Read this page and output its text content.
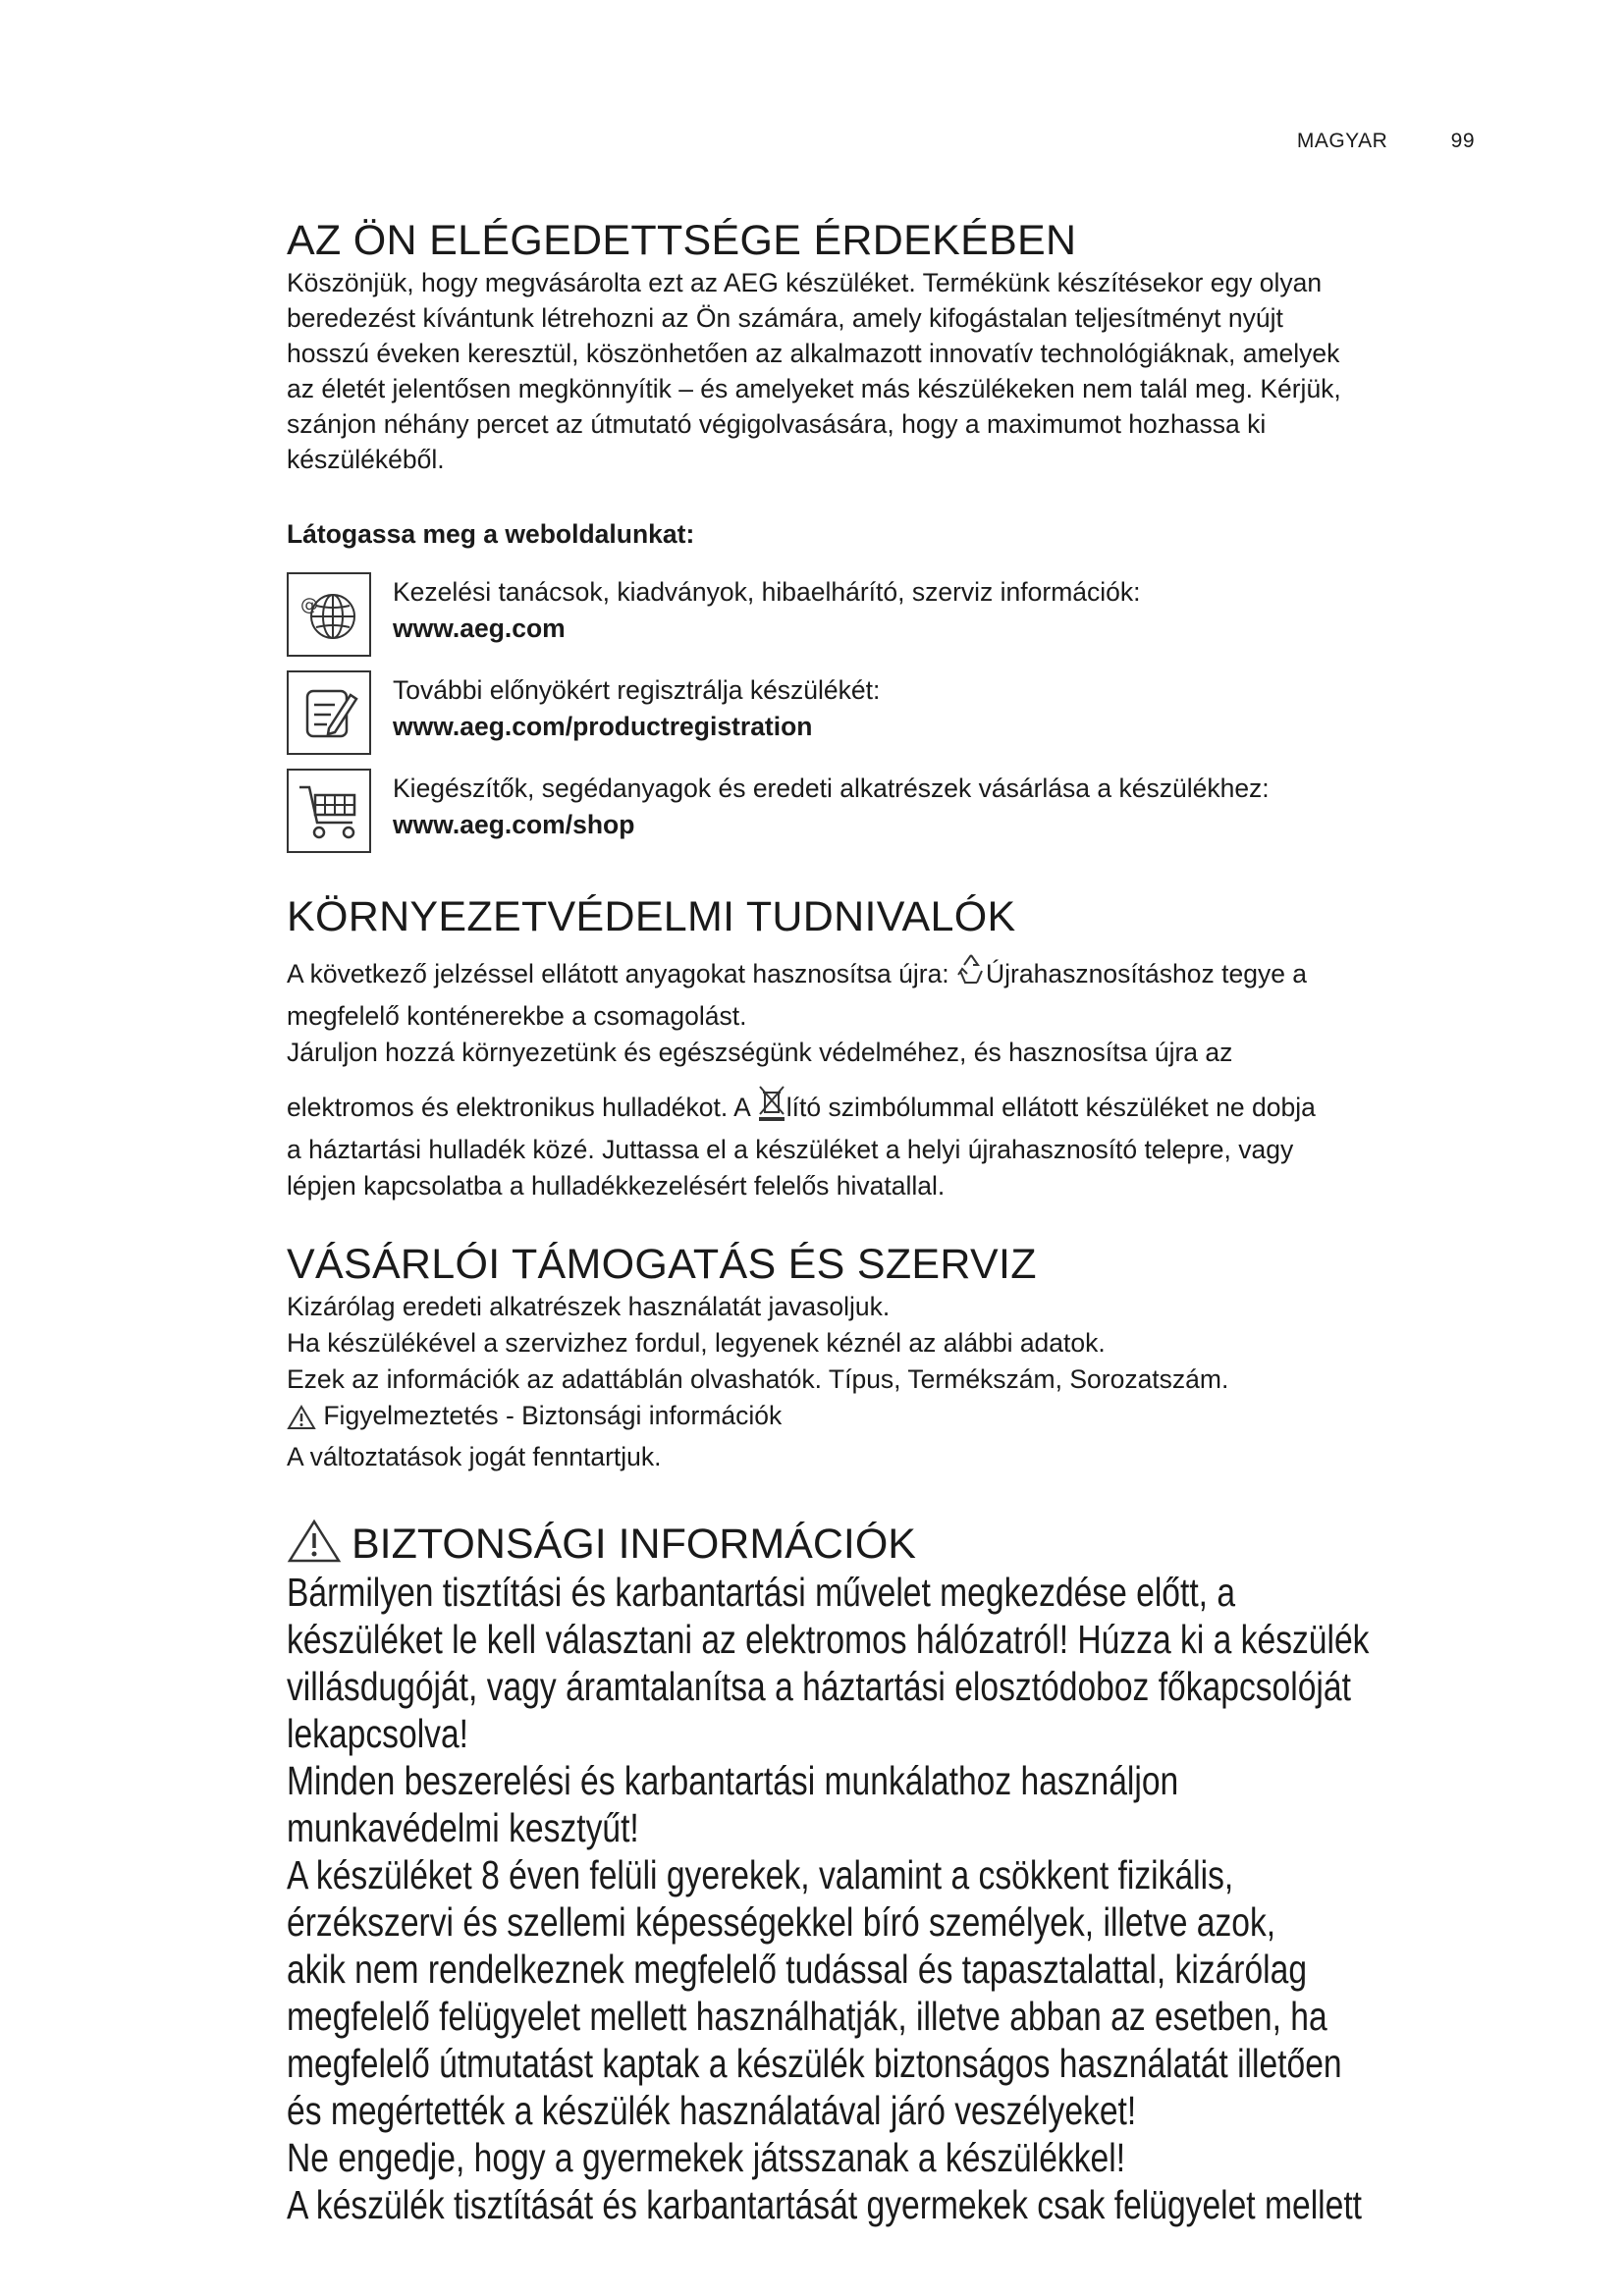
MAGYAR	99
AZ ÖN ELÉGEDETTSÉGE ÉRDEKÉBEN
Köszönjük, hogy megvásárolta ezt az AEG készüléket. Termékünk készítésekor egy olyan
beredezést kívántunk létrehozni az Ön számára, amely kifogástalan teljesítményt nyújt
hosszú éveken keresztül, köszönhetően az alkalmazott innovatív technológiáknak, amelyek
az életét jelentősen megkönnyítik – és amelyeket más készülékeken nem talál meg. Kérjük,
szánjon néhány percet az útmutató végigolvasására, hogy a maximumot hozhassa ki
készülékéből.
Látogassa meg a weboldalunkat:
@	Kezelési tanácsok, kiadványok, hibaelhárító, szerviz információk:
www.aeg.com
További előnyökért regisztrálja készülékét:
www.aeg.com/productregistration
Kiegészítők, segédanyagok és eredeti alkatrészek vásárlása a készülékhez:
www.aeg.com/shop
KÖRNYEZETVÉDELMI TUDNIVALÓK
A következő jelzéssel ellátott anyagokat hasznosítsa újra: Újrahasznosításhoz tegye a
megfelelő konténerekbe a csomagolást.
Járuljon hozzá környezetünk és egészségünk védelméhez, és hasznosítsa újra az
elektromos és elektronikus hulladékot. A lító szimbólummal ellátott készüléket ne dobja
a háztartási hulladék közé. Juttassa el a készüléket a helyi újrahasznosító telepre, vagy
lépjen kapcsolatba a hulladékkezelésért felelős hivatallal.
VÁSÁRLÓI TÁMOGATÁS ÉS SZERVIZ
Kizárólag eredeti alkatrészek használatát javasoljuk.
Ha készülékével a szervizhez fordul, legyenek kéznél az alábbi adatok.
Ezek az információk az adattáblán olvashatók. Típus, Termékszám, Sorozatszám.
Figyelmeztetés - Biztonsági információk
A változtatások jogát fenntartjuk.
BIZTONSÁGI INFORMÁCIÓK

Bármilyen tisztítási és karbantartási művelet megkezdése előtt, a

készüléket le kell választani az elektromos hálózatról! Húzza ki a készülék

villásdugóját, vagy áramtalanítsa a háztartási elosztódoboz főkapcsolóját

lekapcsolva!

Minden beszerelési és karbantartási munkálathoz használjon

munkavédelmi kesztyűt!

A készüléket 8 éven felüli gyerekek, valamint a csökkent fizikális,

érzékszervi és szellemi képességekkel bíró személyek, illetve azok,

akik nem rendelkeznek megfelelő tudással és tapasztalattal, kizárólag

megfelelő felügyelet mellett használhatják, illetve abban az esetben, ha

megfelelő útmutatást kaptak a készülék biztonságos használatát illetően

és megértették a készülék használatával járó veszélyeket!

Ne engedje, hogy a gyermekek játsszanak a készülékkel!

A készülék tisztítását és karbantartását gyermekek csak felügyelet mellett
